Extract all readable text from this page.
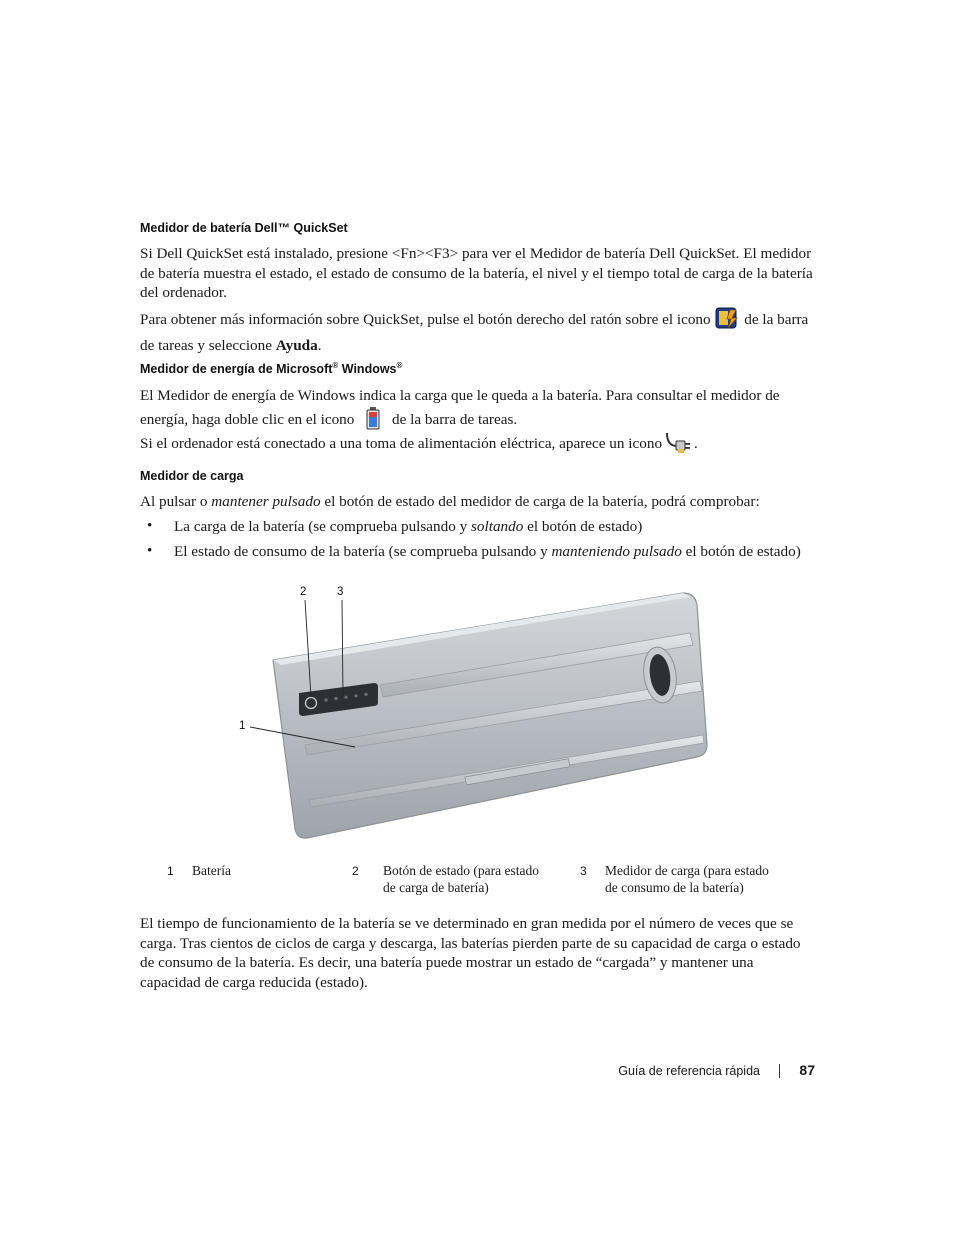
Medidor de batería Dell™ QuickSet
Si Dell QuickSet está instalado, presione <Fn><F3> para ver el Medidor de batería Dell QuickSet. El medidor de batería muestra el estado, el estado de consumo de la batería, el nivel y el tiempo total de carga de la batería del ordenador.
Para obtener más información sobre QuickSet, pulse el botón derecho del ratón sobre el icono de la barra de tareas y seleccione Ayuda.
Medidor de energía de Microsoft® Windows®
El Medidor de energía de Windows indica la carga que le queda a la batería. Para consultar el medidor de energía, haga doble clic en el icono de la barra de tareas.
Si el ordenador está conectado a una toma de alimentación eléctrica, aparece un icono .
Medidor de carga
Al pulsar o mantener pulsado el botón de estado del medidor de carga de la batería, podrá comprobar:
• La carga de la batería (se comprueba pulsando y soltando el botón de estado)
• El estado de consumo de la batería (se comprueba pulsando y manteniendo pulsado el botón de estado)
2	3
1
1 Batería	2 Botón de estado (para estado
de carga de batería)
3 Medidor de carga (para estado
de consumo de la batería)
El tiempo de funcionamiento de la batería se ve determinado en gran medida por el número de veces que se carga. Tras cientos de ciclos de carga y descarga, las baterías pierden parte de su capacidad de carga o estado de consumo de la batería. Es decir, una batería puede mostrar un estado de “cargada” y mantener una capacidad de carga reducida (estado).
Guía de referencia rápida	87
